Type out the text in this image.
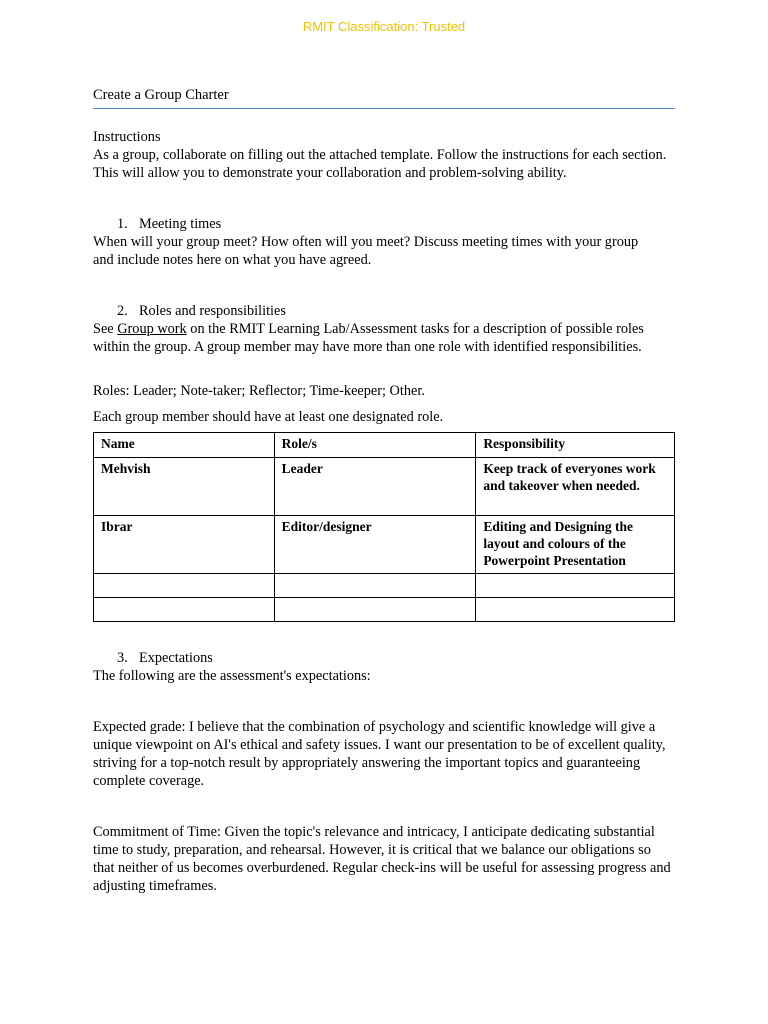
RMIT Classification: Trusted
Create a Group Charter
Instructions
As a group, collaborate on filling out the attached template. Follow the instructions for each section. This will allow you to demonstrate your collaboration and problem-solving ability.
1. Meeting times
When will your group meet? How often will you meet? Discuss meeting times with your group and include notes here on what you have agreed.
2. Roles and responsibilities
See Group work on the RMIT Learning Lab/Assessment tasks for a description of possible roles within the group. A group member may have more than one role with identified responsibilities.
Roles: Leader; Note-taker; Reflector; Time-keeper; Other.
Each group member should have at least one designated role.
Name	Role/s	Responsibility
Mehvish	Leader	Keep track of everyones work and takeover when needed.
Ibrar	Editor/designer	Editing and Designing the layout and colours of the Powerpoint Presentation

3. Expectations
The following are the assessment's expectations:
Expected grade: I believe that the combination of psychology and scientific knowledge will give a unique viewpoint on AI's ethical and safety issues. I want our presentation to be of excellent quality, striving for a top-notch result by appropriately answering the important topics and guaranteeing complete coverage.
Commitment of Time: Given the topic's relevance and intricacy, I anticipate dedicating substantial time to study, preparation, and rehearsal. However, it is critical that we balance our obligations so that neither of us becomes overburdened. Regular check-ins will be useful for assessing progress and adjusting timeframes.
